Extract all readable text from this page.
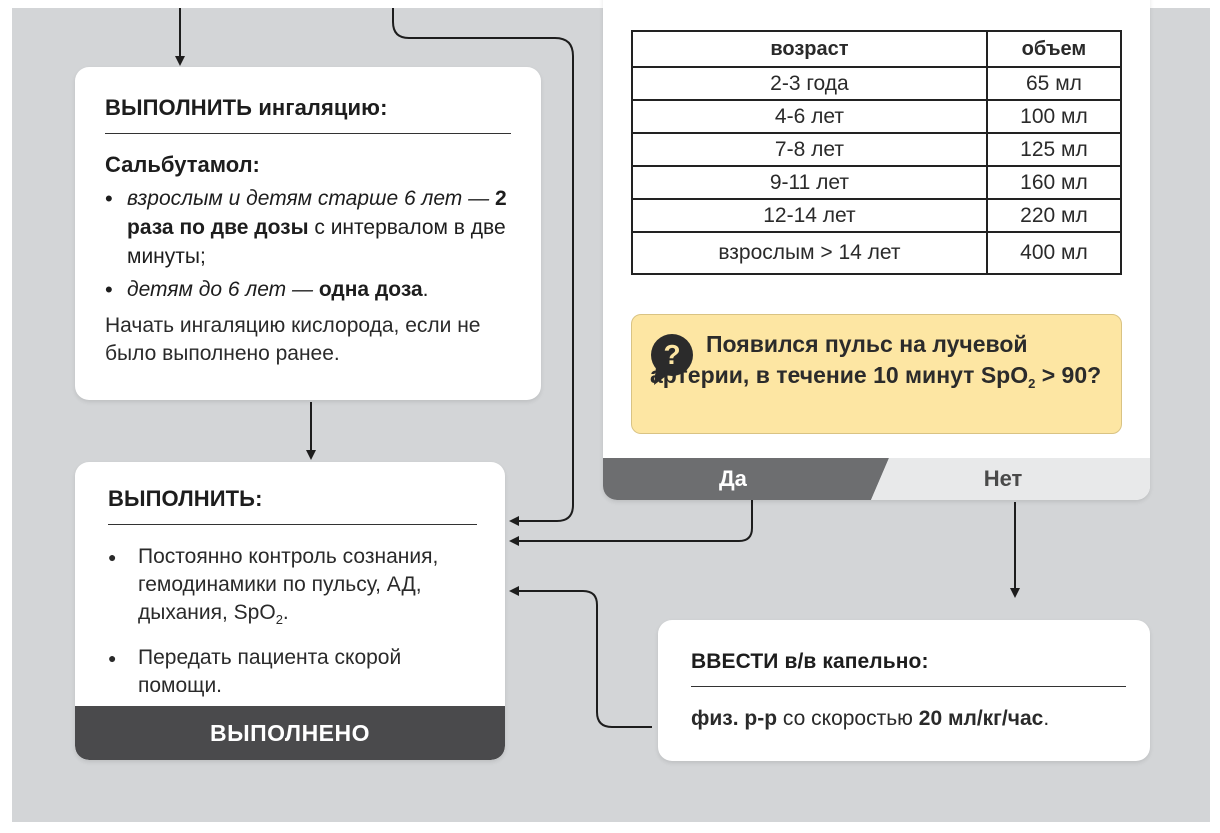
ВЫПОЛНИТЬ ингаляцию:

Сальбутамол:
• взрослым и детям старше 6 лет — 2 раза по две дозы с интервалом в две минуты;
• детям до 6 лет — одна доза.
Начать ингаляцию кислорода, если не было выполнено ранее.

ВЫПОЛНИТЬ:

● Постоянно контроль сознания, гемодинамики по пульсу, АД, дыхания, SpO$_2$.
● Передать пациента скорой помощи.
ВЫПОЛНЕНО
возраст	объем
2-3 года	65 мл
4-6 лет	100 мл
7-8 лет	125 мл
9-11 лет	160 мл
12-14 лет	220 мл
взрослым > 14 лет	400 мл
?	Появился пульс на лучевой артерии, в течение 10 минут SpO$_2$ > 90?
Да	Нет

ВВЕСТИ в/в капельно:

физ. р-р со скоростью 20 мл/кг/час.
